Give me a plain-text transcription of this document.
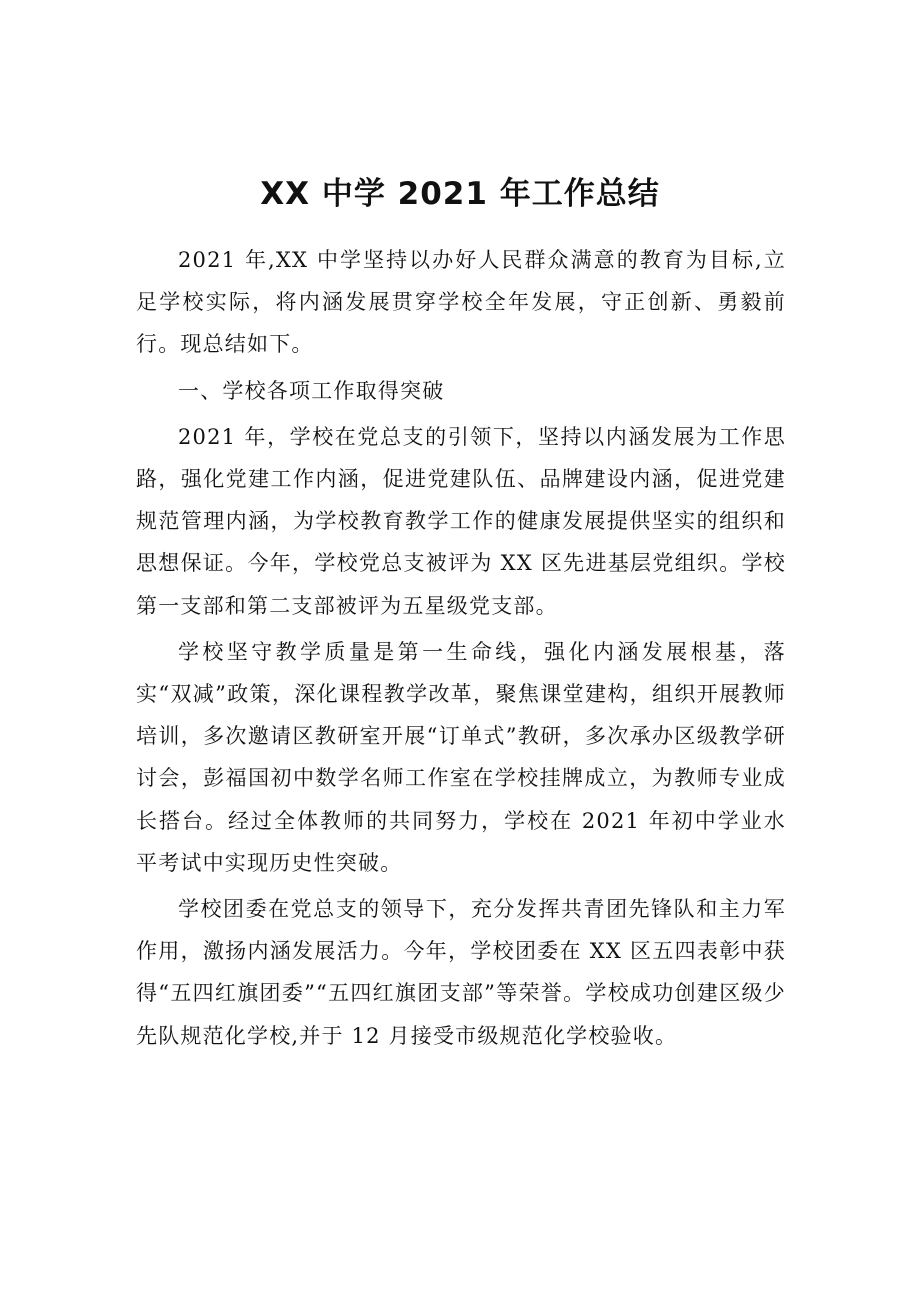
XX 中学 2021 年工作总结

2021 年,XX 中学坚持以办好人民群众满意的教育为目标,立足学校实际，将内涵发展贯穿学校全年发展，守正创新、勇毅前行。现总结如下。

一、学校各项工作取得突破

2021 年，学校在党总支的引领下，坚持以内涵发展为工作思路，强化党建工作内涵，促进党建队伍、品牌建设内涵，促进党建规范管理内涵，为学校教育教学工作的健康发展提供坚实的组织和思想保证。今年，学校党总支被评为 XX 区先进基层党组织。学校第一支部和第二支部被评为五星级党支部。

学校坚守教学质量是第一生命线，强化内涵发展根基，落实“双减”政策，深化课程教学改革，聚焦课堂建构，组织开展教师培训，多次邀请区教研室开展“订单式”教研，多次承办区级教学研讨会，彭福国初中数学名师工作室在学校挂牌成立，为教师专业成长搭台。经过全体教师的共同努力，学校在 2021 年初中学业水平考试中实现历史性突破。

学校团委在党总支的领导下，充分发挥共青团先锋队和主力军作用，激扬内涵发展活力。今年，学校团委在 XX 区五四表彰中获得“五四红旗团委”“五四红旗团支部”等荣誉。学校成功创建区级少先队规范化学校,并于 12 月接受市级规范化学校验收。
